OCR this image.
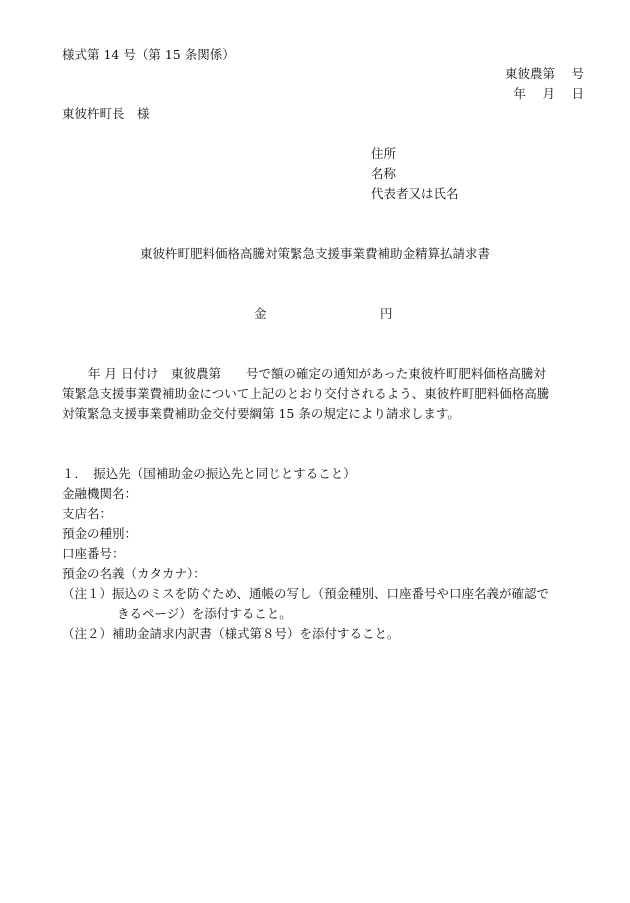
様式第 14 号（第 15 条関係）
東彼農第　 号
年　 月　 日
東彼杵町長　様
住所
名称
代表者又は氏名
東彼杵町肥料価格高騰対策緊急支援事業費補助金精算払請求書
金	円
年 月 日付け　東彼農第　　号で額の確定の通知があった東彼杵町肥料価格高騰対
策緊急支援事業費補助金について上記のとおり交付されるよう、東彼杵町肥料価格高騰
対策緊急支援事業費補助金交付要綱第 15 条の規定により請求します。
１．　振込先（国補助金の振込先と同じとすること）
金融機関名：
支店名：
預金の種別：
口座番号：
預金の名義（カタカナ）：
（注１）振込のミスを防ぐため、通帳の写し（預金種別、口座番号や口座名義が確認で
きるページ）を添付すること。
（注２）補助金請求内訳書（様式第８号）を添付すること。
